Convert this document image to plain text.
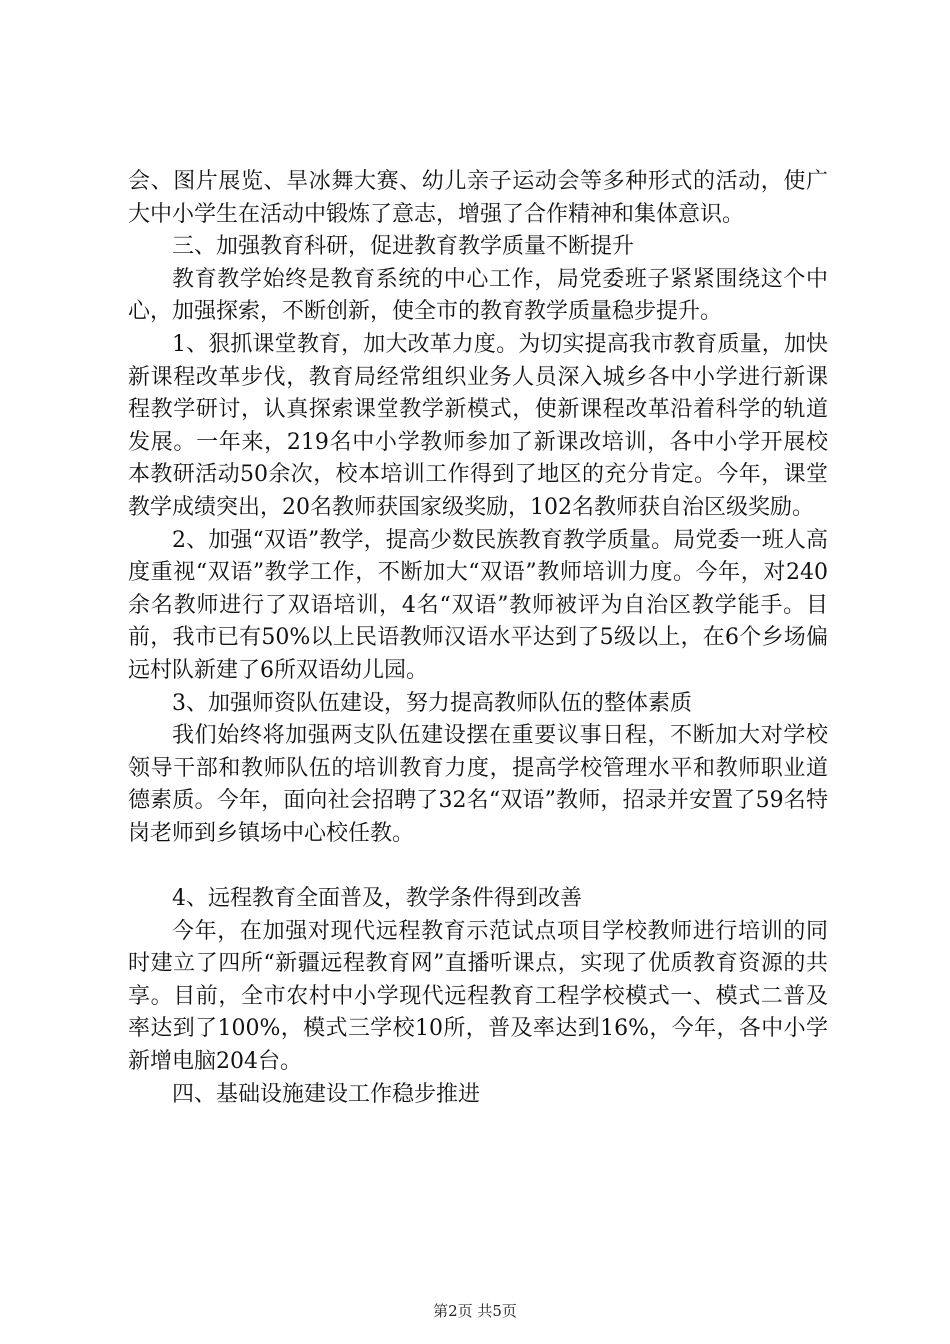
会、图片展览、旱冰舞大赛、幼儿亲子运动会等多种形式的活动，使广大中小学生在活动中锻炼了意志，增强了合作精神和集体意识。

三、加强教育科研，促进教育教学质量不断提升

教育教学始终是教育系统的中心工作，局党委班子紧紧围绕这个中心，加强探索，不断创新，使全市的教育教学质量稳步提升。

1、狠抓课堂教育，加大改革力度。为切实提高我市教育质量，加快新课程改革步伐，教育局经常组织业务人员深入城乡各中小学进行新课程教学研讨，认真探索课堂教学新模式，使新课程改革沿着科学的轨道发展。一年来，219名中小学教师参加了新课改培训，各中小学开展校本教研活动50余次，校本培训工作得到了地区的充分肯定。今年，课堂教学成绩突出，20名教师获国家级奖励，102名教师获自治区级奖励。

2、加强“双语”教学，提高少数民族教育教学质量。局党委一班人高度重视“双语”教学工作，不断加大“双语”教师培训力度。今年，对240余名教师进行了双语培训，4名“双语”教师被评为自治区教学能手。目前，我市已有50%以上民语教师汉语水平达到了5级以上，在6个乡场偏远村队新建了6所双语幼儿园。

3、加强师资队伍建设，努力提高教师队伍的整体素质

我们始终将加强两支队伍建设摆在重要议事日程，不断加大对学校领导干部和教师队伍的培训教育力度，提高学校管理水平和教师职业道德素质。今年，面向社会招聘了32名“双语”教师，招录并安置了59名特岗老师到乡镇场中心校任教。

4、远程教育全面普及，教学条件得到改善

今年，在加强对现代远程教育示范试点项目学校教师进行培训的同时建立了四所“新疆远程教育网”直播听课点，实现了优质教育资源的共享。目前，全市农村中小学现代远程教育工程学校模式一、模式二普及率达到了100%，模式三学校10所，普及率达到16%，今年，各中小学新增电脑204台。

四、基础设施建设工作稳步推进

第2页 共5页
